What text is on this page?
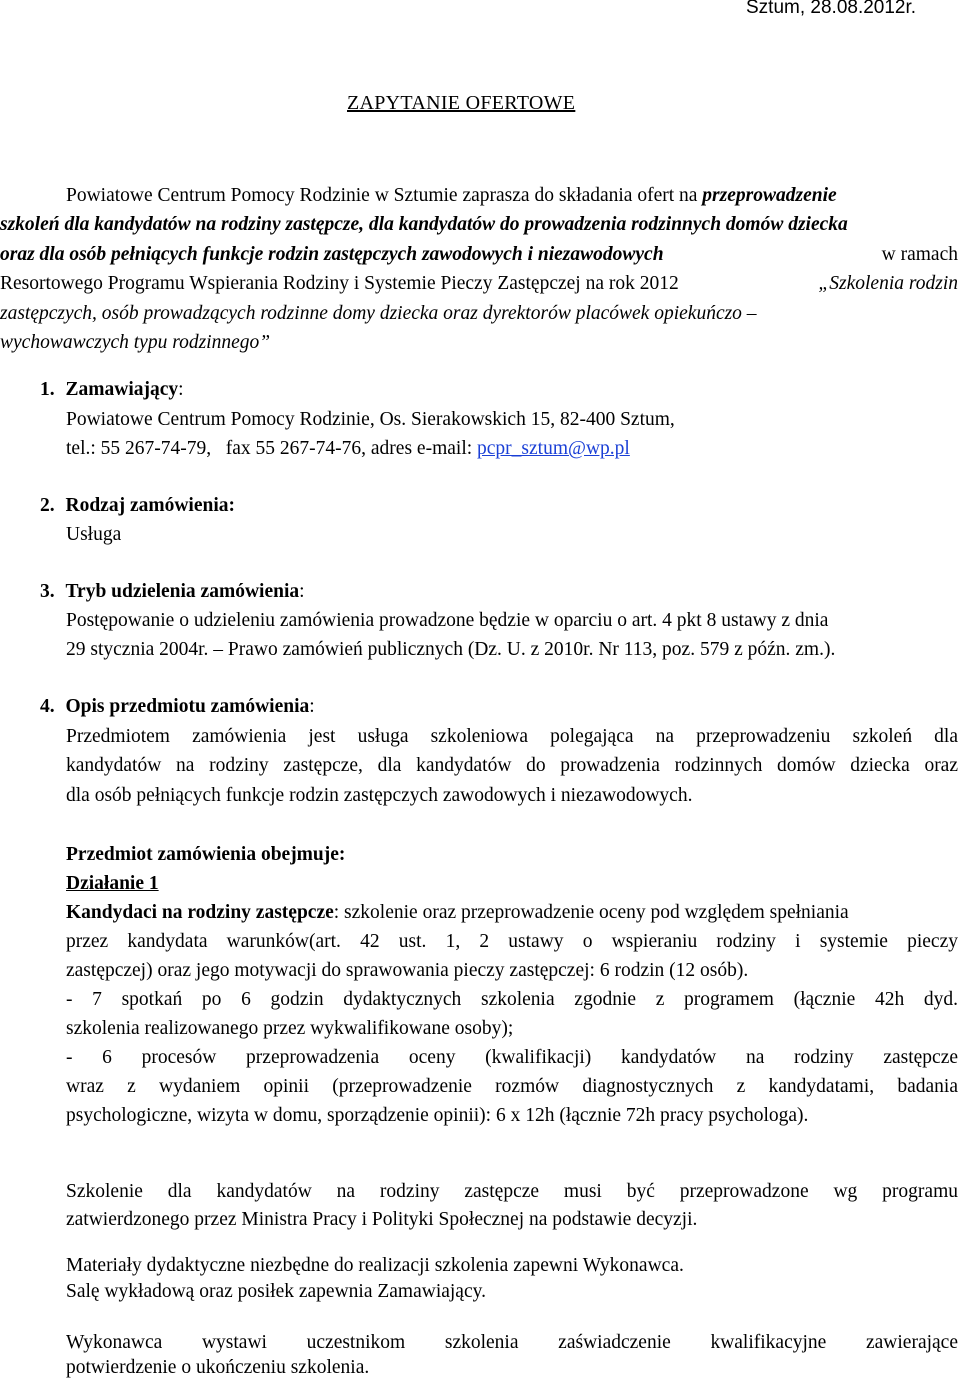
Sztum, 28.08.2012r.
ZAPYTANIE OFERTOWE
Powiatowe Centrum Pomocy Rodzinie w Sztumie zaprasza do składania ofert na przeprowadzenie
szkoleń dla kandydatów na rodziny zastępcze, dla kandydatów do prowadzenia rodzinnych domów dziecka
oraz dla osób pełniących funkcje rodzin zastępczych zawodowych i niezawodowych	w ramach
Resortowego Programu Wspierania Rodziny i Systemie Pieczy Zastępczej na rok 2012	„Szkolenia rodzin
zastępczych, osób prowadzących rodzinne domy dziecka oraz dyrektorów placówek opiekuńczo –
wychowawczych typu rodzinnego”
1. Zamawiający:
Powiatowe Centrum Pomocy Rodzinie, Os. Sierakowskich 15, 82-400 Sztum,
tel.: 55 267-74-79,   fax 55 267-74-76, adres e-mail: pcpr_sztum@wp.pl
2. Rodzaj zamówienia:
Usługa
3. Tryb udzielenia zamówienia:
Postępowanie o udzieleniu zamówienia prowadzone będzie w oparciu o art. 4 pkt 8 ustawy z dnia
29 stycznia 2004r. – Prawo zamówień publicznych (Dz. U. z 2010r. Nr 113, poz. 579 z późn. zm.).
4. Opis przedmiotu zamówienia:
Przedmiotem zamówienia jest usługa szkoleniowa polegająca na przeprowadzeniu szkoleń dla
kandydatów na rodziny zastępcze, dla kandydatów do prowadzenia rodzinnych domów dziecka oraz
dla osób pełniących funkcje rodzin zastępczych zawodowych i niezawodowych.
Przedmiot zamówienia obejmuje:
Działanie 1
Kandydaci na rodziny zastępcze: szkolenie oraz przeprowadzenie oceny pod względem spełniania
przez kandydata warunków(art. 42 ust. 1, 2 ustawy o wspieraniu rodziny i systemie pieczy
zastępczej) oraz jego motywacji do sprawowania pieczy zastępczej: 6 rodzin (12 osób).
- 7 spotkań po 6 godzin dydaktycznych szkolenia zgodnie z programem (łącznie 42h dyd.
szkolenia realizowanego przez wykwalifikowane osoby);
- 6 procesów przeprowadzenia oceny (kwalifikacji) kandydatów na rodziny zastępcze
wraz z wydaniem opinii (przeprowadzenie rozmów diagnostycznych z kandydatami, badania
psychologiczne, wizyta w domu, sporządzenie opinii): 6 x 12h (łącznie 72h pracy psychologa).
Szkolenie dla kandydatów na rodziny zastępcze musi być przeprowadzone wg programu
zatwierdzonego przez Ministra Pracy i Polityki Społecznej na podstawie decyzji.
Materiały dydaktyczne niezbędne do realizacji szkolenia zapewni Wykonawca.
Salę wykładową oraz posiłek zapewnia Zamawiający.
Wykonawca wystawi uczestnikom szkolenia zaświadczenie kwalifikacyjne zawierające
potwierdzenie o ukończeniu szkolenia.
